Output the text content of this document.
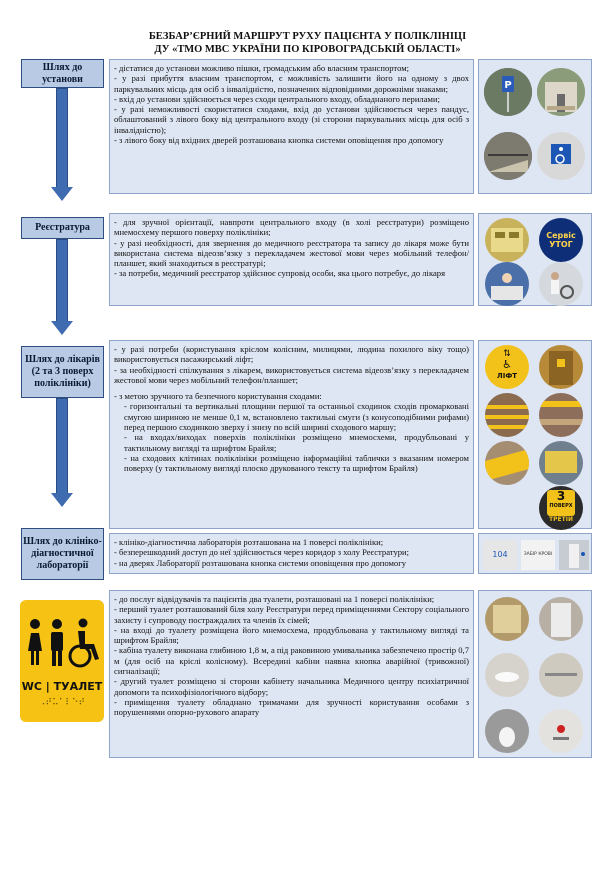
БЕЗБАР’ЄРНИЙ МАРШРУТ РУХУ ПАЦІЄНТА У ПОЛІКЛІНІЦІ
ДУ «ТМО МВС УКРАЇНИ ПО КІРОВОГРАДСЬКІЙ ОБЛАСТІ»
Шлях до установи

- дістатися до установи можливо пішки, громадським або власним транспортом;

- у разі прибуття власним транспортом, є можливість залишити його на одному з двох паркувальних місць для осіб з інвалідністю, позначених відповідними дорожніми знаками;

- вхід до установи здійснюється через сходи центрального входу, обладнаного перилами;

- у разі неможливості скористатися сходами, вхід до установи здійснюється через пандус, облаштований з лівого боку від центрального входу (зі сторони паркувальних місць для осіб з інвалідністю);

- з лівого боку від вхідних дверей розташована кнопка системи оповіщення про допомогу

P
Реєстратура	- для зручної орієнтації, навпроти центрального входу (в холі реєстратури) розміщено мнемосхему першого поверху поліклініки;

- у разі необхідності, для звернення до медичного реєстратора та запису до лікаря може бути використана система відеозв’язку з перекладачем жестової мови через мобільний телефон/планшет, який знаходиться в реєстратурі;

- за потреби, медичний реєстратор здійснює супровід особи, яка цього потребує, до лікаря

Сервіс
УТОГ
Шлях до лікарів
(2 та 3 поверх поліклініки)

- у разі потреби (користування кріслом колісним, милицями, людина похилого віку тощо) використовується пасажирський ліфт;

- за необхідності спілкування з лікарем, використовується система відеозв’язку з перекладачем жестової мови через мобільний телефон/планшет;

- з метою зручного та безпечного користування сходами:

- горизонтальні та вертикальні площини першої та останньої сходинок сходів промарковані смугою шириною не менше 0,1 м, встановлено тактильні смуги (з конусоподібними рифами) перед першою сходинкою зверху і знизу по всій ширині сходового маршу;

- на входах/виходах поверхів поліклініки розміщено мнемосхеми, продубльовані у тактильному вигляді та шрифтом Брайля;

- на сходових клітинах поліклініки розміщено інформаційні таблички з вказаним номером поверху (у тактильному вигляді плоско друкованого тексту та шрифтом Брайля)

⇅
♿
ЛІФТ
3
ПОВЕРХ
ТРЕТІЙ
Шлях до клініко-діагностичної лабораторії

- клініко-діагностична лабораторія розташована на 1 поверсі поліклініки;

- безперешкодний доступ до неї здійснюється через коридор з холу Реєстратури;

- на дверях Лабораторії розташована кнопка системи оповіщення про допомогу

104	ЗАБІР КРОВІ
WC | ТУАЛЕТ
⠠⠞⠥⠁⠇⠑⠞

- до послуг відвідувачів та пацієнтів два туалети, розташовані на 1 поверсі поліклініки;

- перший туалет розташований біля холу Реєстратури перед приміщеннями Сектору соціального захисту і супроводу постраждалих та членів їх сімей;

- на вході до туалету розміщена його мнемосхема, продубльована у тактильному вигляді та шрифтом Брайля;

- кабіна туалету виконана глибиною 1,8 м, а під раковиною умивальника забезпечено простір 0,7 м (для осіб на кріслі колісному). Всередині кабіни наявна кнопка аварійної (тривожної) сигналізації;

- другий туалет розміщено зі сторони кабінету начальника Медичного центру психіатричної допомоги та психофізіологічного відбору;

- приміщення туалету обладнано тримачами для зручності користування особами з порушеннями опорно-рухового апарату
